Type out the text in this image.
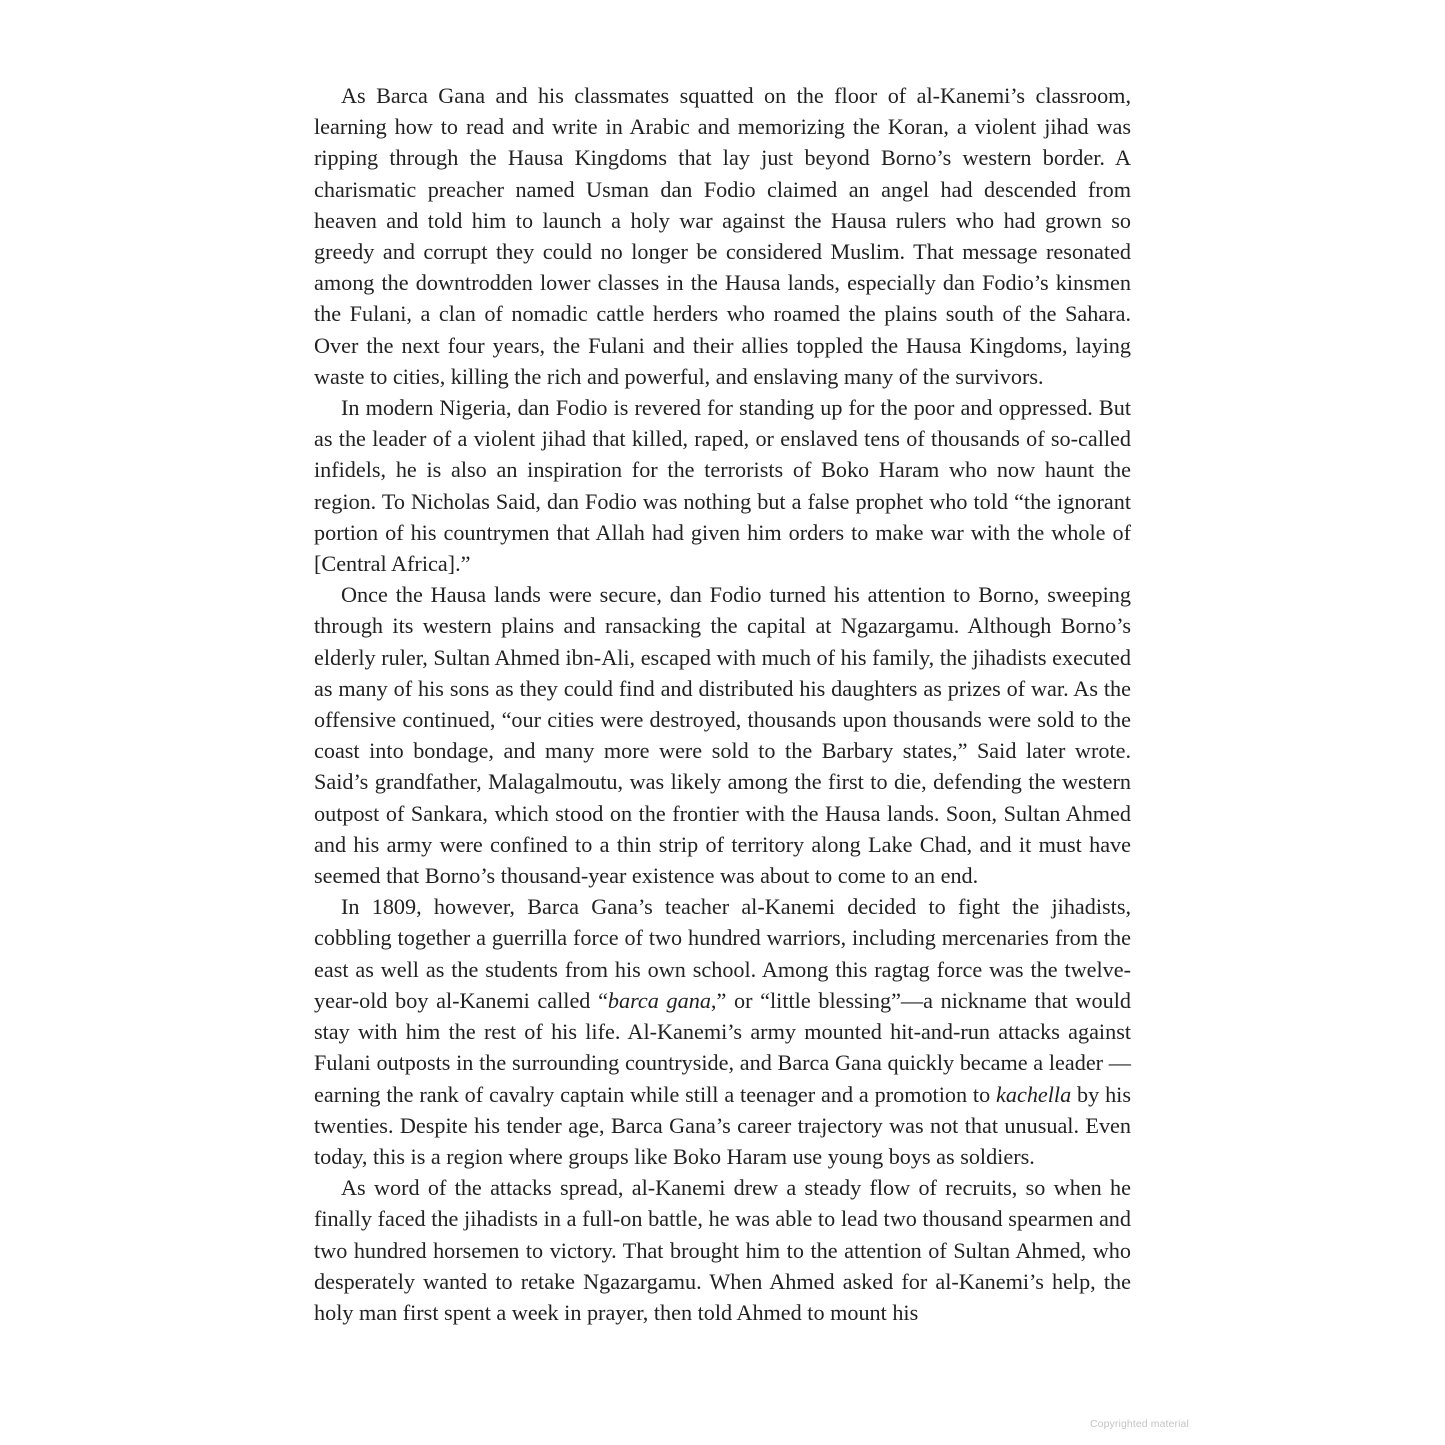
As Barca Gana and his classmates squatted on the floor of al-Kanemi’s classroom, learning how to read and write in Arabic and memorizing the Koran, a violent jihad was ripping through the Hausa Kingdoms that lay just beyond Borno’s western border. A charismatic preacher named Usman dan Fodio claimed an angel had descended from heaven and told him to launch a holy war against the Hausa rulers who had grown so greedy and corrupt they could no longer be considered Muslim. That message resonated among the downtrodden lower classes in the Hausa lands, especially dan Fodio’s kinsmen the Fulani, a clan of nomadic cattle herders who roamed the plains south of the Sahara. Over the next four years, the Fulani and their allies toppled the Hausa Kingdoms, laying waste to cities, killing the rich and powerful, and enslaving many of the survivors.

In modern Nigeria, dan Fodio is revered for standing up for the poor and oppressed. But as the leader of a violent jihad that killed, raped, or enslaved tens of thousands of so-called infidels, he is also an inspiration for the terrorists of Boko Haram who now haunt the region. To Nicholas Said, dan Fodio was nothing but a false prophet who told “the ignorant portion of his countrymen that Allah had given him orders to make war with the whole of [Central Africa].”

Once the Hausa lands were secure, dan Fodio turned his attention to Borno, sweeping through its western plains and ransacking the capital at Ngazargamu. Although Borno’s elderly ruler, Sultan Ahmed ibn-Ali, escaped with much of his family, the jihadists executed as many of his sons as they could find and distributed his daughters as prizes of war. As the offensive continued, “our cities were destroyed, thousands upon thousands were sold to the coast into bondage, and many more were sold to the Barbary states,” Said later wrote. Said’s grandfather, Malagalmoutu, was likely among the first to die, defending the western outpost of Sankara, which stood on the frontier with the Hausa lands. Soon, Sultan Ahmed and his army were confined to a thin strip of territory along Lake Chad, and it must have seemed that Borno’s thousand-year existence was about to come to an end.

In 1809, however, Barca Gana’s teacher al-Kanemi decided to fight the jihadists, cobbling together a guerrilla force of two hundred warriors, including mercenaries from the east as well as the students from his own school. Among this ragtag force was the twelve-year-old boy al-Kanemi called “barca gana,” or “little blessing”—a nickname that would stay with him the rest of his life. Al-Kanemi’s army mounted hit-and-run attacks against Fulani outposts in the surrounding countryside, and Barca Gana quickly became a leader —earning the rank of cavalry captain while still a teenager and a promotion to kachella by his twenties. Despite his tender age, Barca Gana’s career trajectory was not that unusual. Even today, this is a region where groups like Boko Haram use young boys as soldiers.

As word of the attacks spread, al-Kanemi drew a steady flow of recruits, so when he finally faced the jihadists in a full-on battle, he was able to lead two thousand spearmen and two hundred horsemen to victory. That brought him to the attention of Sultan Ahmed, who desperately wanted to retake Ngazargamu. When Ahmed asked for al-Kanemi’s help, the holy man first spent a week in prayer, then told Ahmed to mount his

Copyrighted material
